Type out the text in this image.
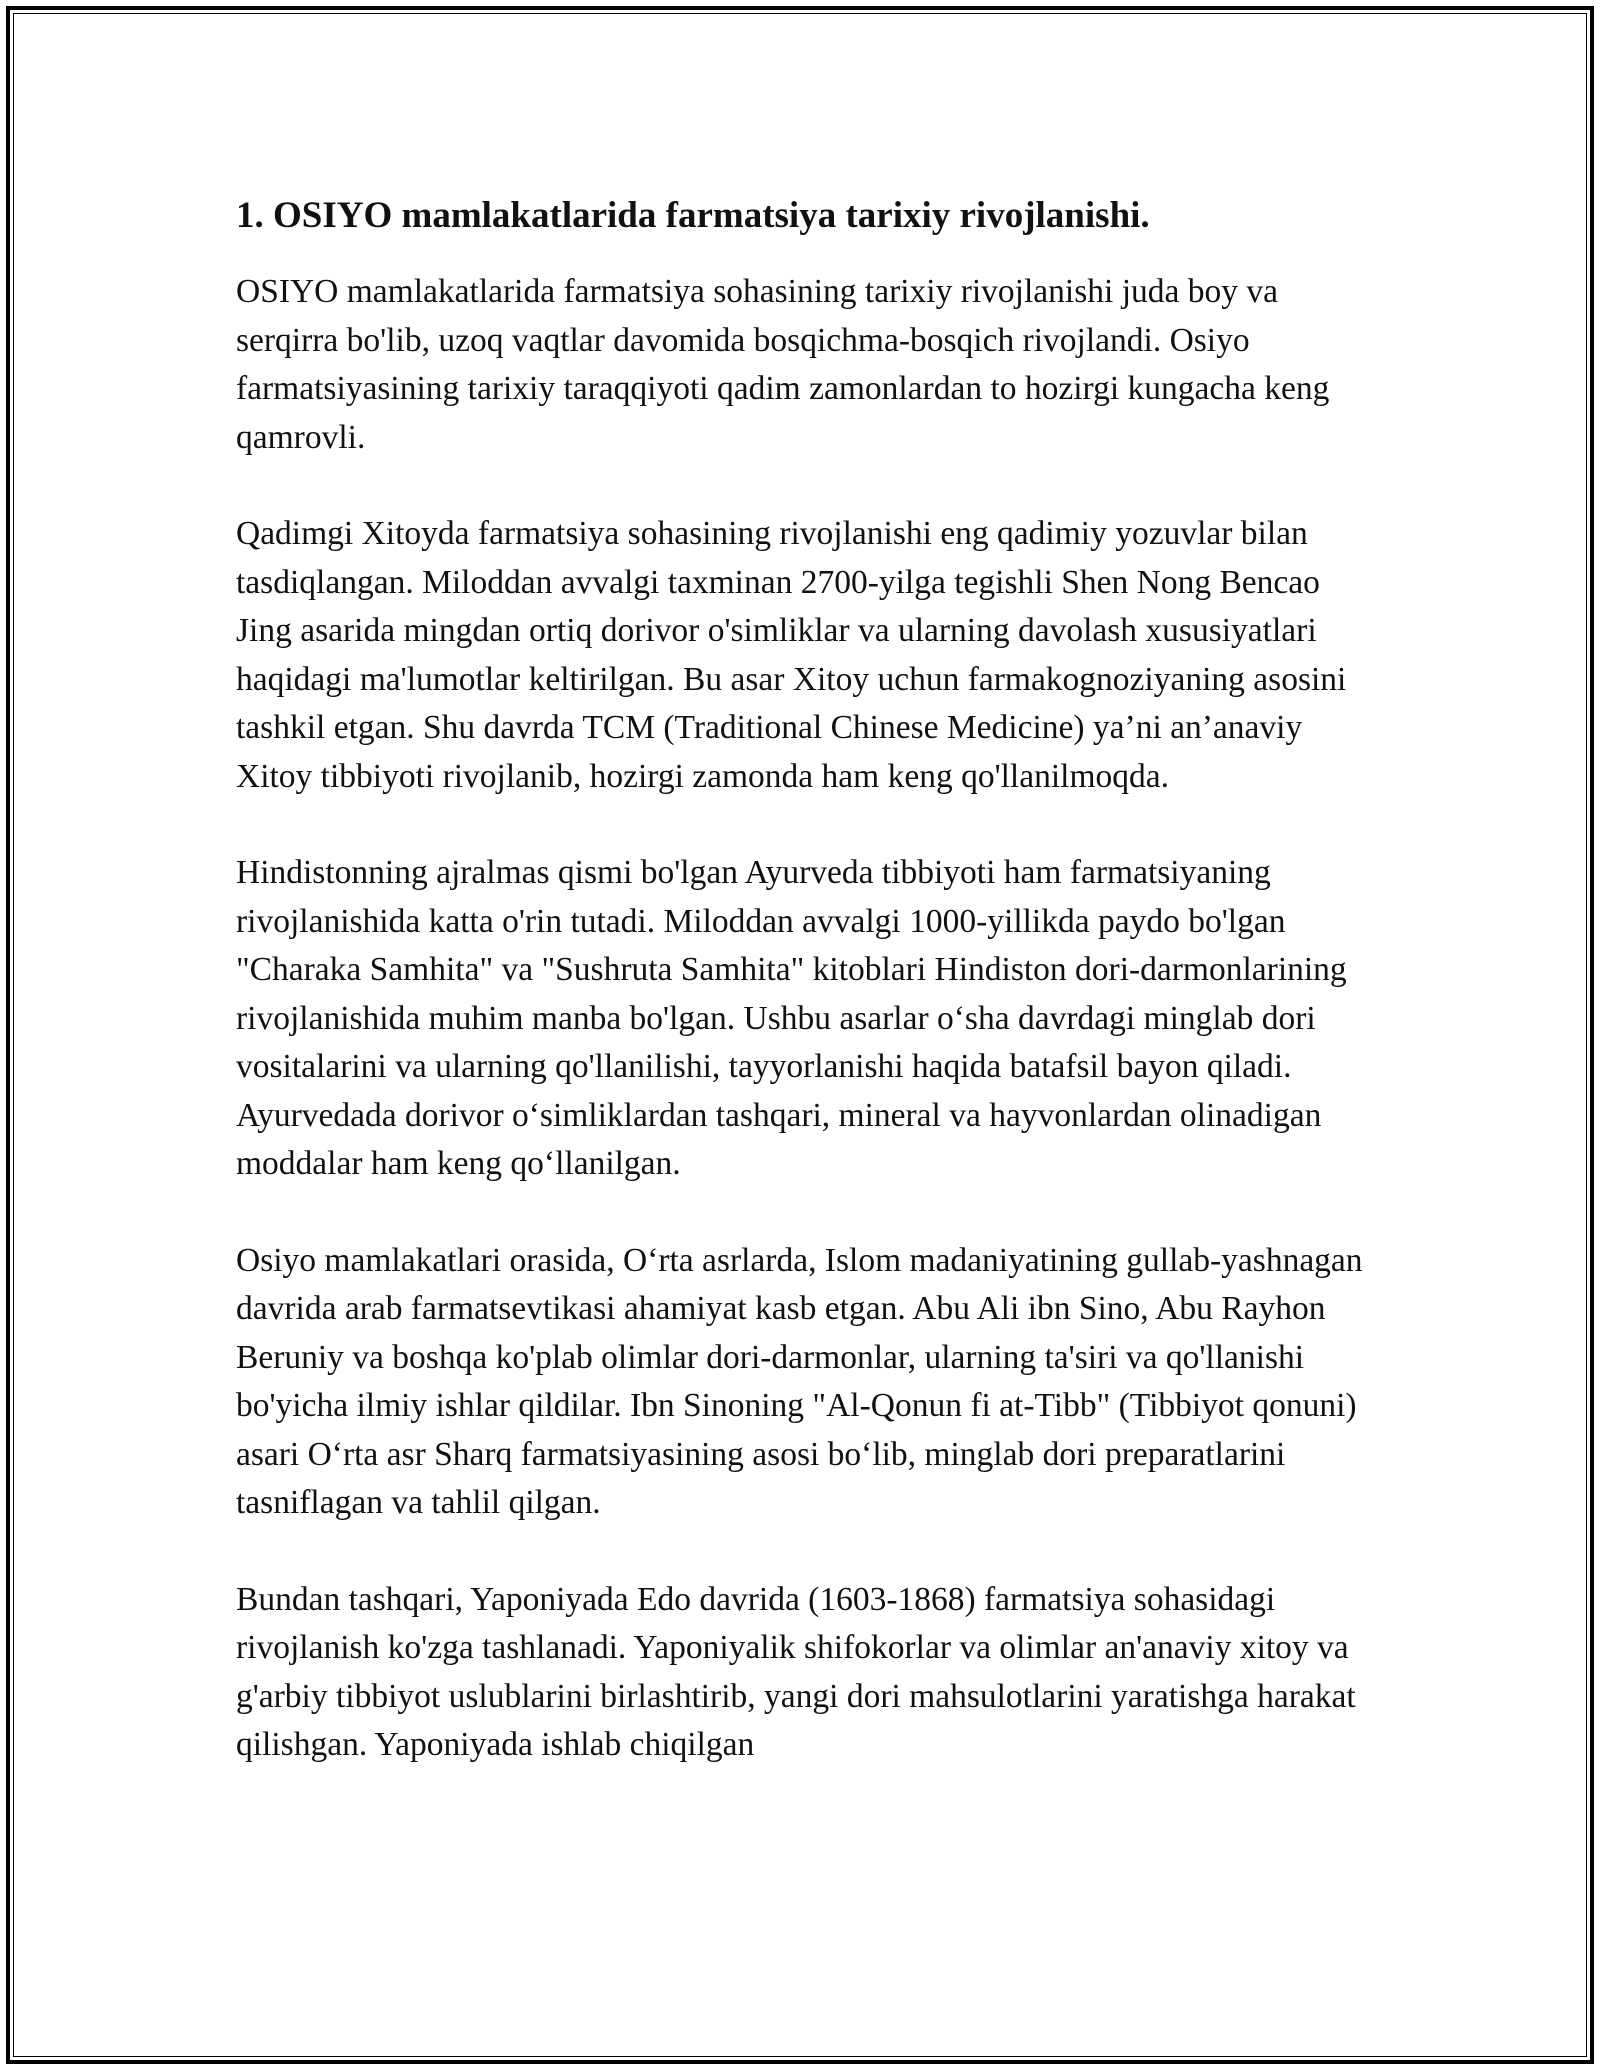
1. OSIYO mamlakatlarida farmatsiya tarixiy rivojlanishi.

OSIYO mamlakatlarida farmatsiya sohasining tarixiy rivojlanishi juda boy va serqirra bo'lib, uzoq vaqtlar davomida bosqichma-bosqich rivojlandi. Osiyo farmatsiyasining tarixiy taraqqiyoti qadim zamonlardan to hozirgi kungacha keng qamrovli.

Qadimgi Xitoyda farmatsiya sohasining rivojlanishi eng qadimiy yozuvlar bilan tasdiqlangan. Miloddan avvalgi taxminan 2700-yilga tegishli Shen Nong Bencao Jing asarida mingdan ortiq dorivor o'simliklar va ularning davolash xususiyatlari haqidagi ma'lumotlar keltirilgan. Bu asar Xitoy uchun farmakognoziyaning asosini tashkil etgan. Shu davrda TCM (Traditional Chinese Medicine) ya’ni an’anaviy Xitoy tibbiyoti rivojlanib, hozirgi zamonda ham keng qo'llanilmoqda.

Hindistonning ajralmas qismi bo'lgan Ayurveda tibbiyoti ham farmatsiyaning rivojlanishida katta o'rin tutadi. Miloddan avvalgi 1000-yillikda paydo bo'lgan "Charaka Samhita" va "Sushruta Samhita" kitoblari Hindiston dori-darmonlarining rivojlanishida muhim manba bo'lgan. Ushbu asarlar o‘sha davrdagi minglab dori vositalarini va ularning qo'llanilishi, tayyorlanishi haqida batafsil bayon qiladi. Ayurvedada dorivor o‘simliklardan tashqari, mineral va hayvonlardan olinadigan moddalar ham keng qo‘llanilgan.

Osiyo mamlakatlari orasida, O‘rta asrlarda, Islom madaniyatining gullab-yashnagan davrida arab farmatsevtikasi ahamiyat kasb etgan. Abu Ali ibn Sino, Abu Rayhon Beruniy va boshqa ko'plab olimlar dori-darmonlar, ularning ta'siri va qo'llanishi bo'yicha ilmiy ishlar qildilar. Ibn Sinoning "Al-Qonun fi at-Tibb" (Tibbiyot qonuni) asari O‘rta asr Sharq farmatsiyasining asosi bo‘lib, minglab dori preparatlarini tasniflagan va tahlil qilgan.

Bundan tashqari, Yaponiyada Edo davrida (1603-1868) farmatsiya sohasidagi rivojlanish ko'zga tashlanadi. Yaponiyalik shifokorlar va olimlar an'anaviy xitoy va g'arbiy tibbiyot uslublarini birlashtirib, yangi dori mahsulotlarini yaratishga harakat qilishgan. Yaponiyada ishlab chiqilgan
